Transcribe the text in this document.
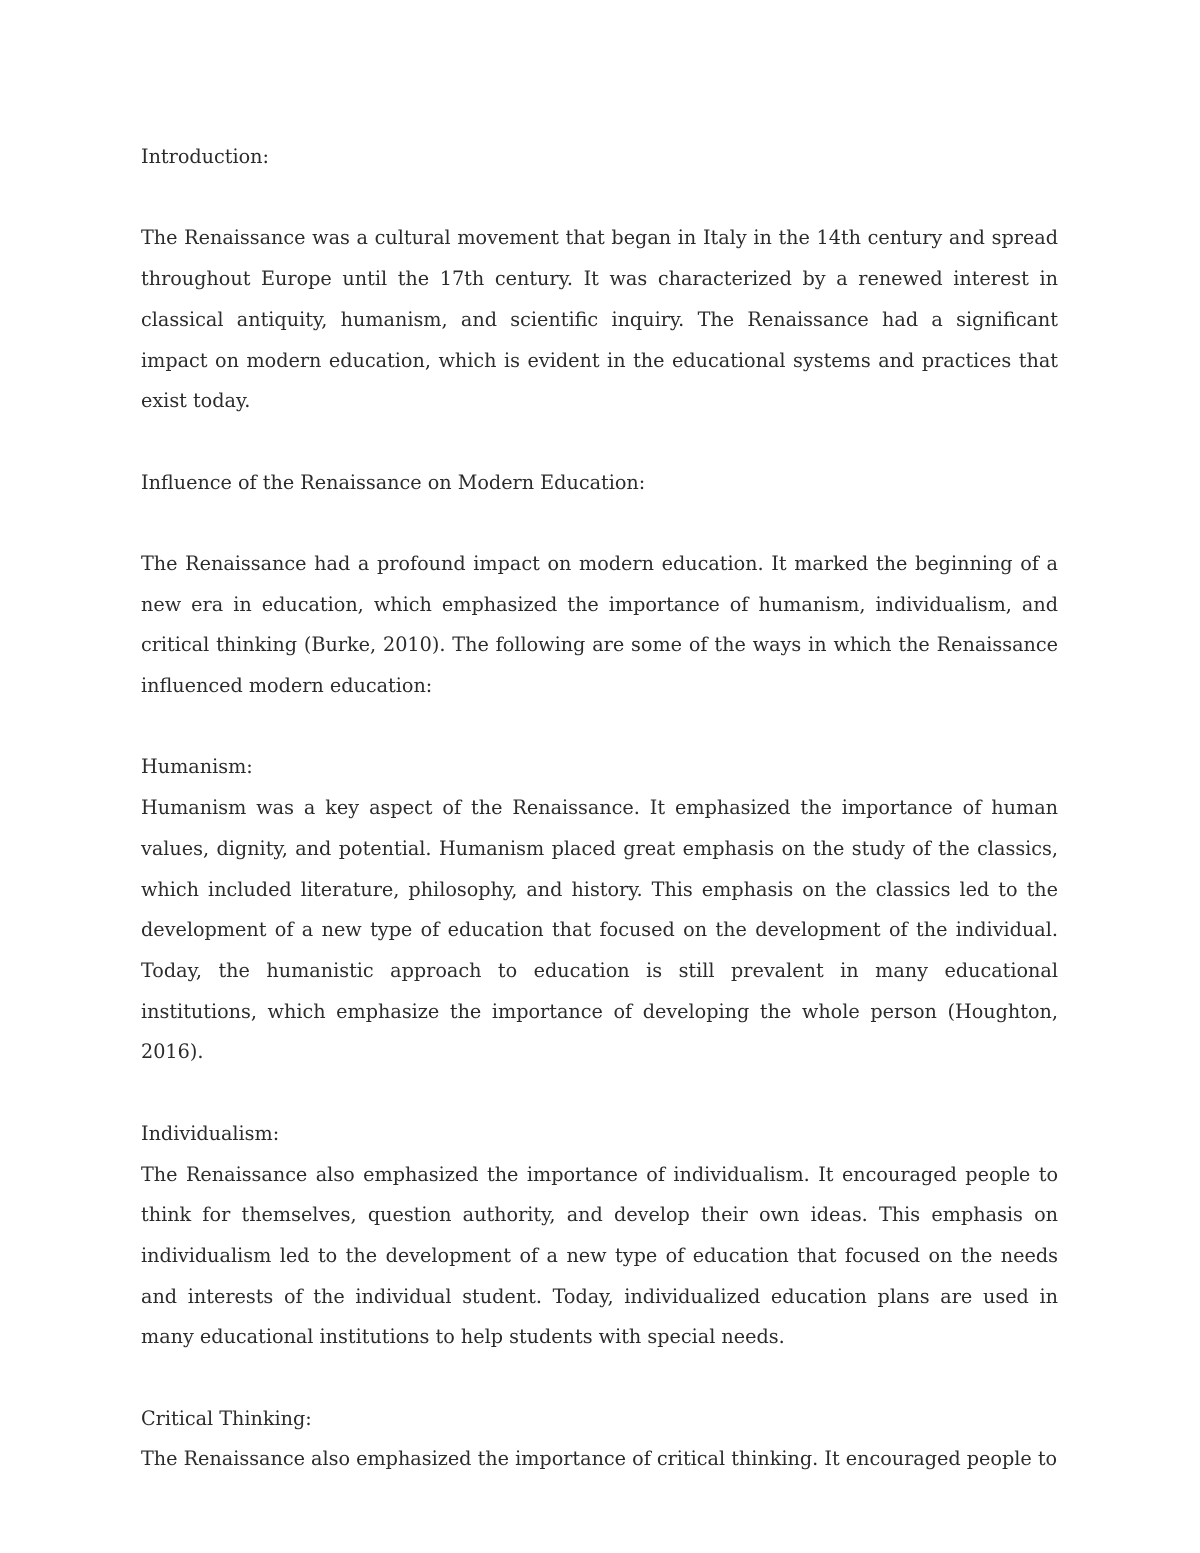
Introduction:

The Renaissance was a cultural movement that began in Italy in the 14th century and spread throughout Europe until the 17th century. It was characterized by a renewed interest in classical antiquity, humanism, and scientific inquiry. The Renaissance had a significant impact on modern education, which is evident in the educational systems and practices that exist today.

Influence of the Renaissance on Modern Education:

The Renaissance had a profound impact on modern education. It marked the beginning of a new era in education, which emphasized the importance of humanism, individualism, and critical thinking (Burke, 2010). The following are some of the ways in which the Renaissance influenced modern education:

Humanism:

Humanism was a key aspect of the Renaissance. It emphasized the importance of human values, dignity, and potential. Humanism placed great emphasis on the study of the classics, which included literature, philosophy, and history. This emphasis on the classics led to the development of a new type of education that focused on the development of the individual. Today, the humanistic approach to education is still prevalent in many educational institutions, which emphasize the importance of developing the whole person (Houghton, 2016).

Individualism:

The Renaissance also emphasized the importance of individualism. It encouraged people to think for themselves, question authority, and develop their own ideas. This emphasis on individualism led to the development of a new type of education that focused on the needs and interests of the individual student. Today, individualized education plans are used in many educational institutions to help students with special needs.

Critical Thinking:

The Renaissance also emphasized the importance of critical thinking. It encouraged people to
